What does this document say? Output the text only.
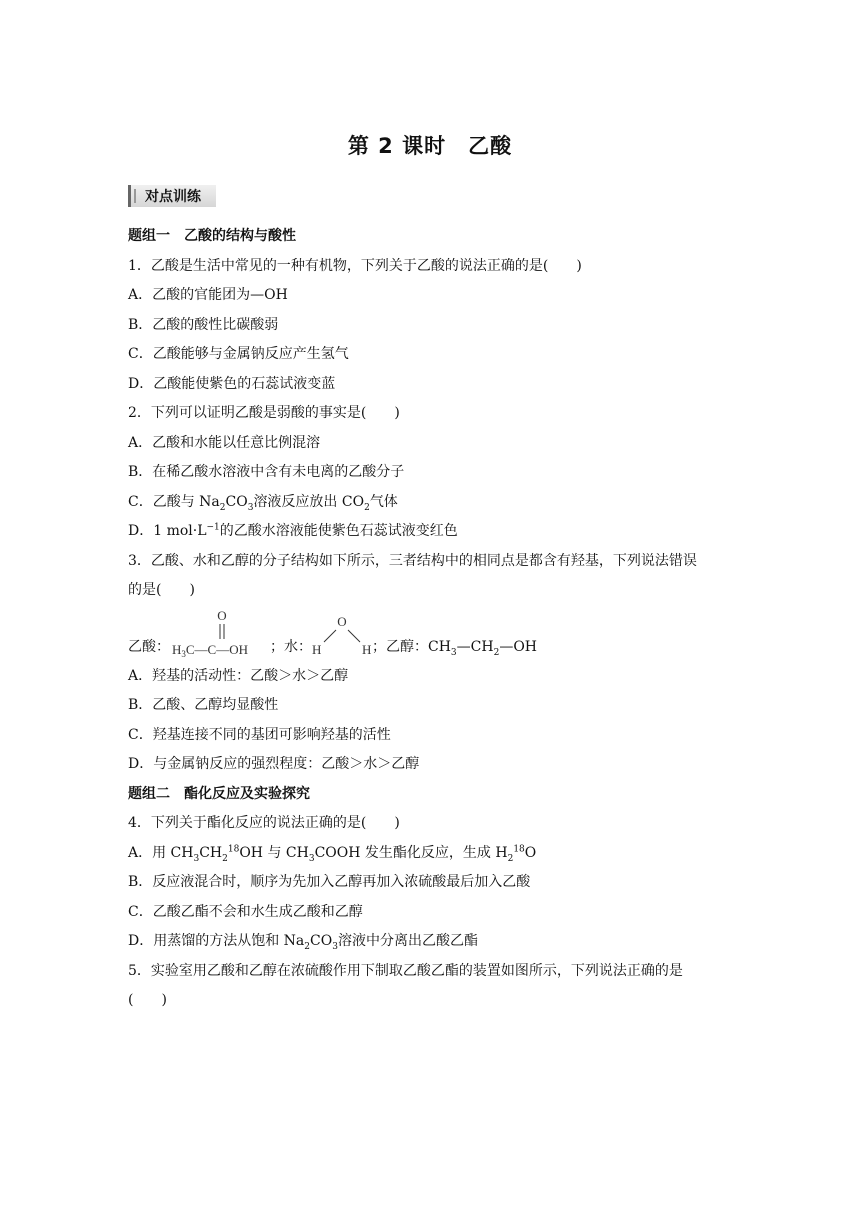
第 2 课时 乙酸
对点训练
题组一　乙酸的结构与酸性
1．乙酸是生活中常见的一种有机物，下列关于乙酸的说法正确的是( )
A．乙酸的官能团为—OH
B．乙酸的酸性比碳酸弱
C．乙酸能够与金属钠反应产生氢气
D．乙酸能使紫色的石蕊试液变蓝
2．下列可以证明乙酸是弱酸的事实是( )
A．乙酸和水能以任意比例混溶
B．在稀乙酸水溶液中含有未电离的乙酸分子
C．乙酸与 $Na_2CO_3$溶液反应放出 $CO_2$气体
D．1 $mol\cdot L^{-1}$的乙酸水溶液能使紫色石蕊试液变红色
3．乙酸、水和乙醇的分子结构如下所示，三者结构中的相同点是都含有羟基，下列说法错误
的是( )
乙酸：
O
$H_3C—C—OH$ ；水：
O
H	H ；乙醇：$CH_3—CH_2—OH$
A．羟基的活动性：乙酸＞水＞乙醇
B．乙酸、乙醇均显酸性
C．羟基连接不同的基团可影响羟基的活性
D．与金属钠反应的强烈程度：乙酸＞水＞乙醇
题组二　酯化反应及实验探究
4．下列关于酯化反应的说法正确的是( )
A．用 $CH_3CH_2^{18}OH$ 与 $CH_3COOH$ 发生酯化反应，生成 $H_2^{18}O$
B．反应液混合时，顺序为先加入乙醇再加入浓硫酸最后加入乙酸
C．乙酸乙酯不会和水生成乙酸和乙醇
D．用蒸馏的方法从饱和 $Na_2CO_3$溶液中分离出乙酸乙酯
5．实验室用乙酸和乙醇在浓硫酸作用下制取乙酸乙酯的装置如图所示，下列说法正确的是
( )
